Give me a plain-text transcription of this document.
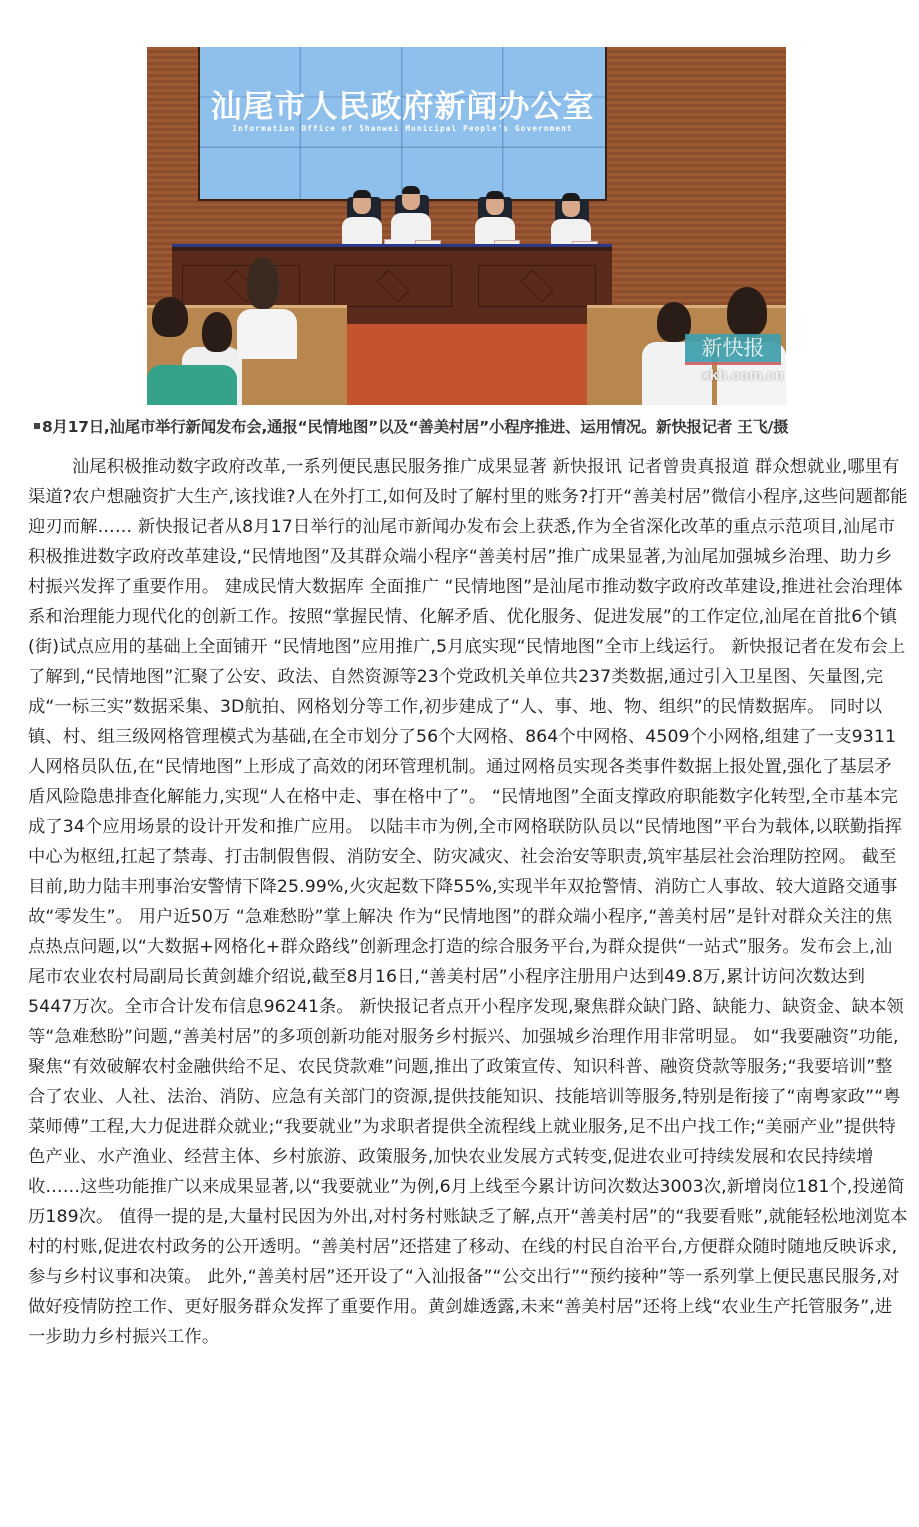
汕尾市人民政府新闻办公室
Information Office of Shanwei Municipal People's Government
新快报
xkb.com.cn
8月17日,汕尾市举行新闻发布会,通报“民情地图”以及“善美村居”小程序推进、运用情况。新快报记者 王飞/摄

汕尾积极推动数字政府改革,一系列便民惠民服务推广成果显著 新快报讯 记者曾贵真报道 群众想就业,哪里有渠道?农户想融资扩大生产,该找谁?人在外打工,如何及时了解村里的账务?打开“善美村居”微信小程序,这些问题都能迎刃而解…… 新快报记者从8月17日举行的汕尾市新闻办发布会上获悉,作为全省深化改革的重点示范项目,汕尾市积极推进数字政府改革建设,“民情地图”及其群众端小程序“善美村居”推广成果显著,为汕尾加强城乡治理、助力乡村振兴发挥了重要作用。 建成民情大数据库 全面推广 “民情地图”是汕尾市推动数字政府改革建设,推进社会治理体系和治理能力现代化的创新工作。按照“掌握民情、化解矛盾、优化服务、促进发展”的工作定位,汕尾在首批6个镇(街)试点应用的基础上全面铺开 “民情地图”应用推广,5月底实现“民情地图”全市上线运行。 新快报记者在发布会上了解到,“民情地图”汇聚了公安、政法、自然资源等23个党政机关单位共237类数据,通过引入卫星图、矢量图,完成“一标三实”数据采集、3D航拍、网格划分等工作,初步建成了“人、事、地、物、组织”的民情数据库。 同时以镇、村、组三级网格管理模式为基础,在全市划分了56个大网格、864个中网格、4509个小网格,组建了一支9311人网格员队伍,在“民情地图”上形成了高效的闭环管理机制。通过网格员实现各类事件数据上报处置,强化了基层矛盾风险隐患排查化解能力,实现“人在格中走、事在格中了”。 “民情地图”全面支撑政府职能数字化转型,全市基本完成了34个应用场景的设计开发和推广应用。 以陆丰市为例,全市网格联防队员以“民情地图”平台为载体,以联勤指挥中心为枢纽,扛起了禁毒、打击制假售假、消防安全、防灾减灾、社会治安等职责,筑牢基层社会治理防控网。 截至目前,助力陆丰刑事治安警情下降25.99%,火灾起数下降55%,实现半年双抢警情、消防亡人事故、较大道路交通事故“零发生”。 用户近50万 “急难愁盼”掌上解决 作为“民情地图”的群众端小程序,“善美村居”是针对群众关注的焦点热点问题,以“大数据+网格化+群众路线”创新理念打造的综合服务平台,为群众提供“一站式”服务。发布会上,汕尾市农业农村局副局长黄剑雄介绍说,截至8月16日,“善美村居”小程序注册用户达到49.8万,累计访问次数达到5447万次。全市合计发布信息96241条。 新快报记者点开小程序发现,聚焦群众缺门路、缺能力、缺资金、缺本领等“急难愁盼”问题,“善美村居”的多项创新功能对服务乡村振兴、加强城乡治理作用非常明显。 如“我要融资”功能,聚焦“有效破解农村金融供给不足、农民贷款难”问题,推出了政策宣传、知识科普、融资贷款等服务;“我要培训”整合了农业、人社、法治、消防、应急有关部门的资源,提供技能知识、技能培训等服务,特别是衔接了“南粤家政”“粤菜师傅”工程,大力促进群众就业;“我要就业”为求职者提供全流程线上就业服务,足不出户找工作;“美丽产业”提供特色产业、水产渔业、经营主体、乡村旅游、政策服务,加快农业发展方式转变,促进农业可持续发展和农民持续增收……这些功能推广以来成果显著,以“我要就业”为例,6月上线至今累计访问次数达3003次,新增岗位181个,投递简历189次。 值得一提的是,大量村民因为外出,对村务村账缺乏了解,点开“善美村居”的“我要看账”,就能轻松地浏览本村的村账,促进农村政务的公开透明。“善美村居”还搭建了移动、在线的村民自治平台,方便群众随时随地反映诉求,参与乡村议事和决策。 此外,“善美村居”还开设了“入汕报备”“公交出行”“预约接种”等一系列掌上便民惠民服务,对做好疫情防控工作、更好服务群众发挥了重要作用。黄剑雄透露,未来“善美村居”还将上线“农业生产托管服务”,进一步助力乡村振兴工作。
